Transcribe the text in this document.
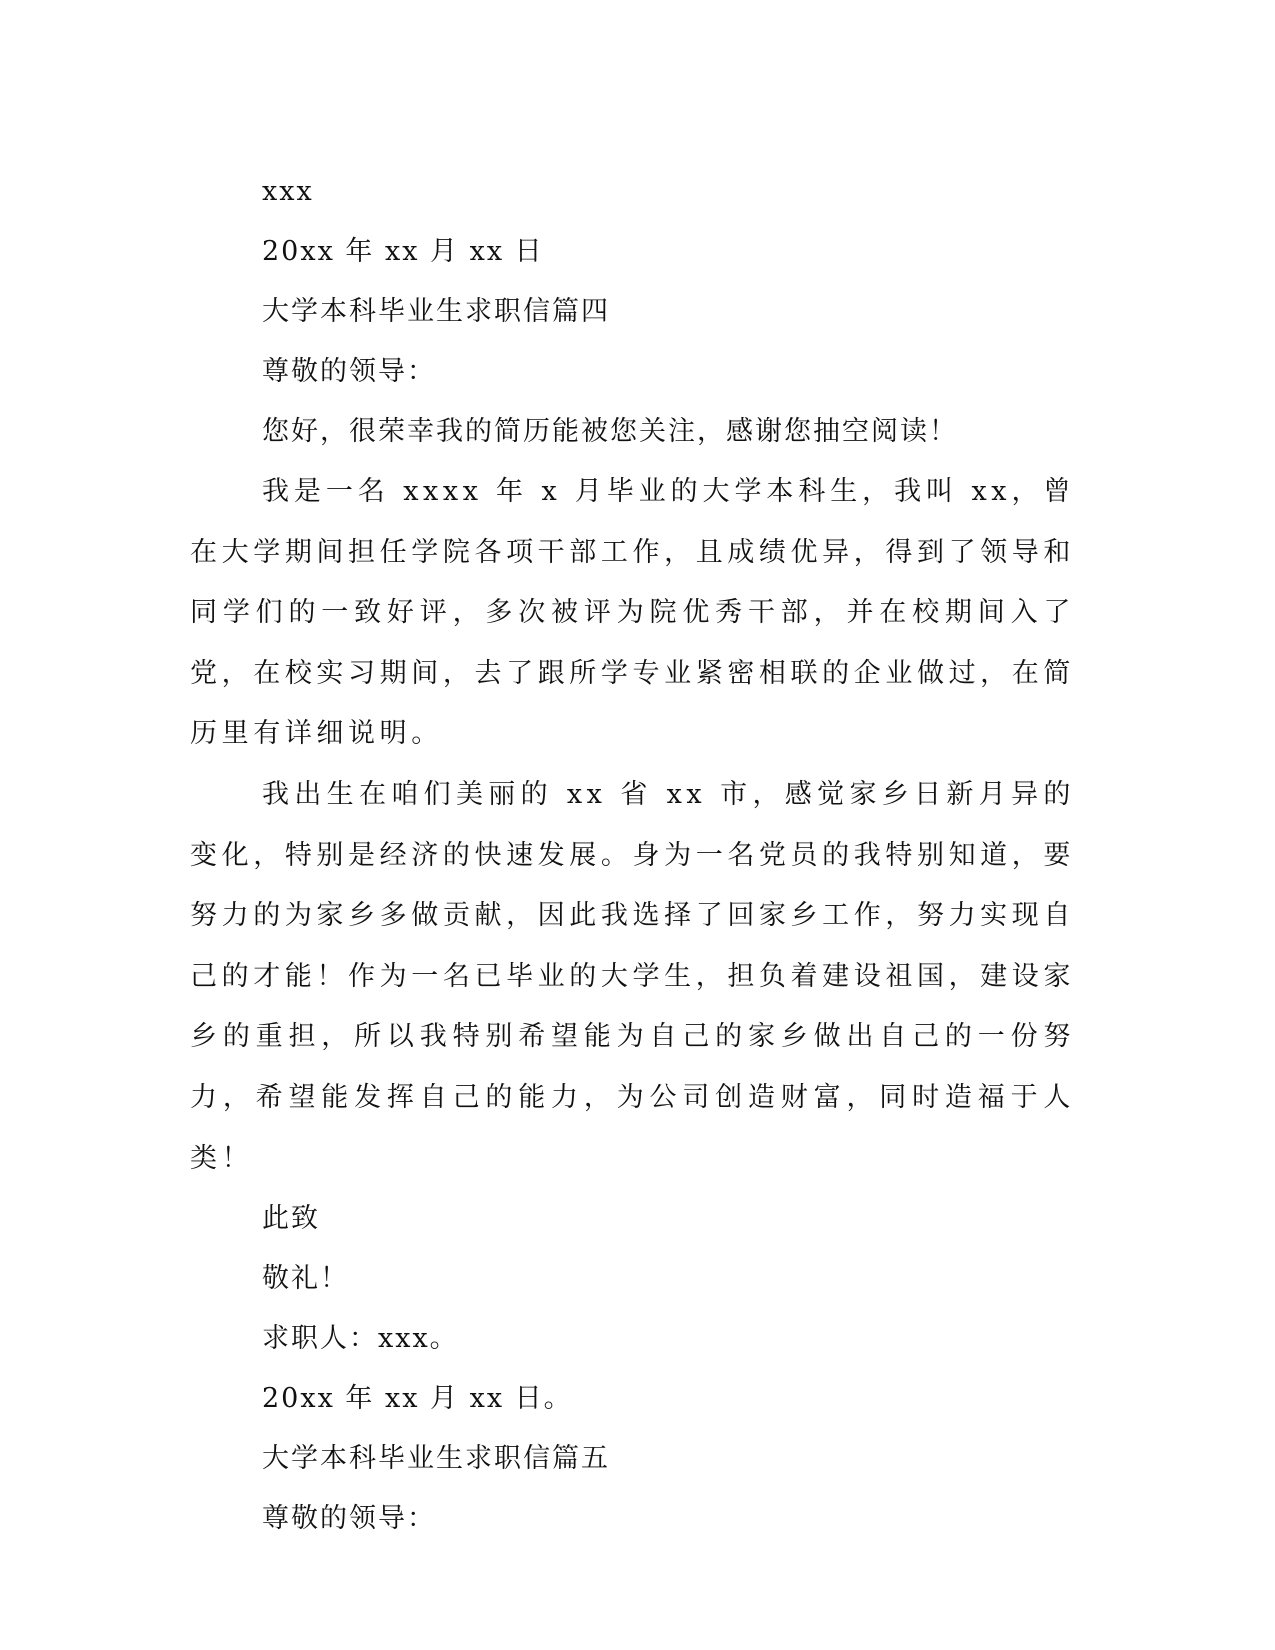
xxx
20xx 年 xx 月 xx 日
大学本科毕业生求职信篇四
尊敬的领导：
您好，很荣幸我的简历能被您关注，感谢您抽空阅读！

我是一名 xxxx 年 x 月毕业的大学本科生，我叫 xx，曾在大学期间担任学院各项干部工作，且成绩优异，得到了领导和同学们的一致好评，多次被评为院优秀干部，并在校期间入了党，在校实习期间，去了跟所学专业紧密相联的企业做过，在简历里有详细说明。

我出生在咱们美丽的 xx 省 xx 市，感觉家乡日新月异的变化，特别是经济的快速发展。身为一名党员的我特别知道，要努力的为家乡多做贡献，因此我选择了回家乡工作，努力实现自己的才能！作为一名已毕业的大学生，担负着建设祖国，建设家乡的重担，所以我特别希望能为自己的家乡做出自己的一份努力，希望能发挥自己的能力，为公司创造财富，同时造福于人类！

此致
敬礼！
求职人：xxx。
20xx 年 xx 月 xx 日。
大学本科毕业生求职信篇五
尊敬的领导：
